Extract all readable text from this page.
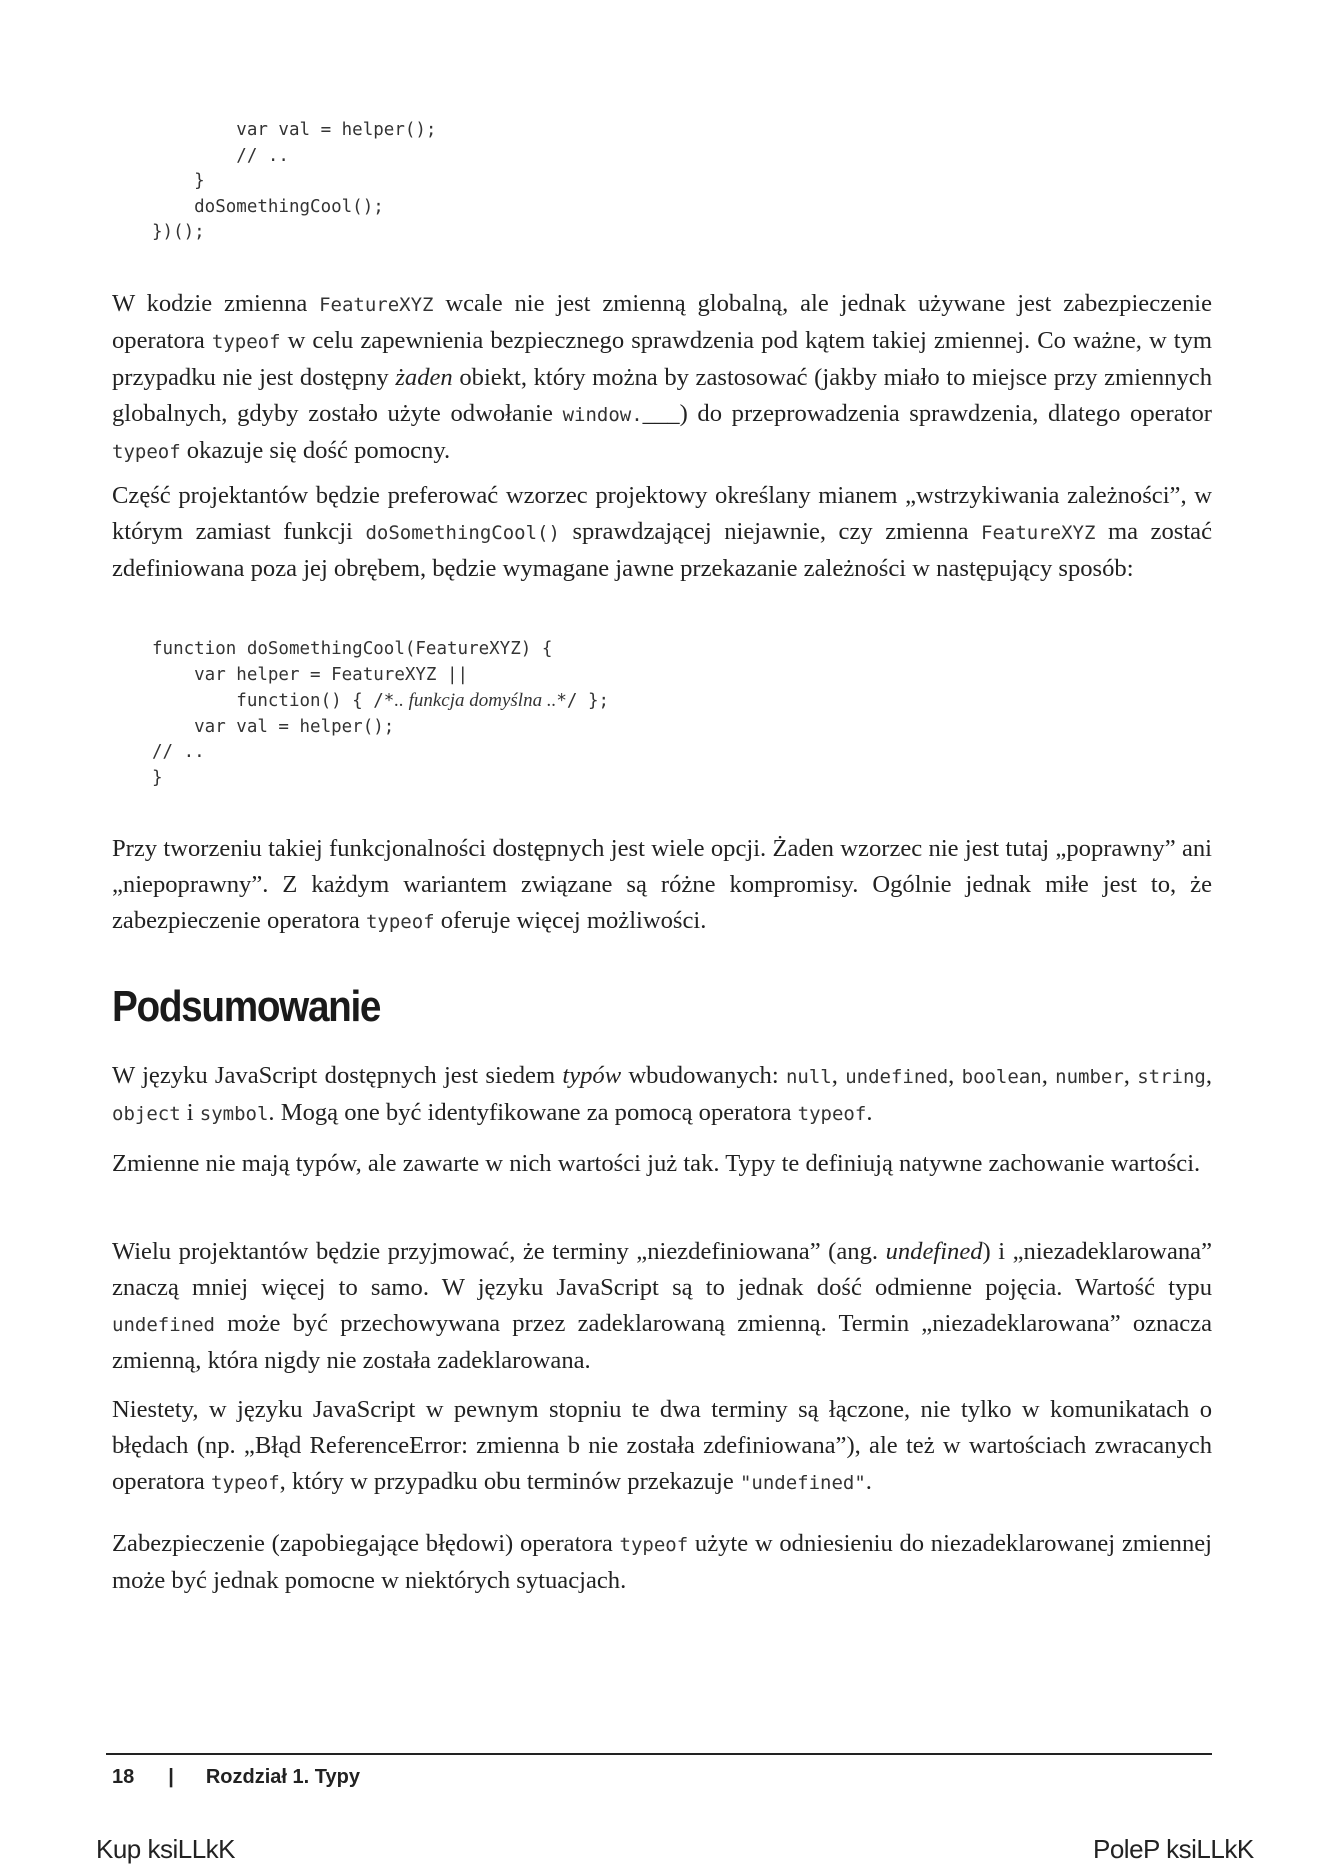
var val = helper();
// ..
}
doSomethingCool();
})();

W kodzie zmienna FeatureXYZ wcale nie jest zmienną globalną, ale jednak używane jest zabezpieczenie operatora typeof w celu zapewnienia bezpiecznego sprawdzenia pod kątem takiej zmiennej. Co ważne, w tym przypadku nie jest dostępny żaden obiekt, który można by zastosować (jakby miało to miejsce przy zmiennych globalnych, gdyby zostało użyte odwołanie window.___) do przeprowadzenia sprawdzenia, dlatego operator typeof okazuje się dość pomocny.

Część projektantów będzie preferować wzorzec projektowy określany mianem „wstrzykiwania zależności”, w którym zamiast funkcji doSomethingCool() sprawdzającej niejawnie, czy zmienna FeatureXYZ ma zostać zdefiniowana poza jej obrębem, będzie wymagane jawne przekazanie zależności w następujący sposób:

function doSomethingCool(FeatureXYZ) {
var helper = FeatureXYZ ||
function() { /*.. funkcja domyślna ..*/ };
var val = helper();
// ..
}

Przy tworzeniu takiej funkcjonalności dostępnych jest wiele opcji. Żaden wzorzec nie jest tutaj „poprawny” ani „niepoprawny”. Z każdym wariantem związane są różne kompromisy. Ogólnie jednak miłe jest to, że zabezpieczenie operatora typeof oferuje więcej możliwości.

Podsumowanie

W języku JavaScript dostępnych jest siedem typów wbudowanych: null, undefined, boolean, number, string, object i symbol. Mogą one być identyfikowane za pomocą operatora typeof.

Zmienne nie mają typów, ale zawarte w nich wartości już tak. Typy te definiują natywne zachowanie wartości.

Wielu projektantów będzie przyjmować, że terminy „niezdefiniowana” (ang. undefined) i „niezadeklarowana” znaczą mniej więcej to samo. W języku JavaScript są to jednak dość odmienne pojęcia. Wartość typu undefined może być przechowywana przez zadeklarowaną zmienną. Termin „niezadeklarowana” oznacza zmienną, która nigdy nie została zadeklarowana.

Niestety, w języku JavaScript w pewnym stopniu te dwa terminy są łączone, nie tylko w komunikatach o błędach (np. „Błąd ReferenceError: zmienna b nie została zdefiniowana”), ale też w wartościach zwracanych operatora typeof, który w przypadku obu terminów przekazuje "undefined".

Zabezpieczenie (zapobiegające błędowi) operatora typeof użyte w odniesieniu do niezadeklarowanej zmiennej może być jednak pomocne w niektórych sytuacjach.

18 | Rozdział 1. Typy
Kup ksiLLkK	PoleP ksiLLkK
